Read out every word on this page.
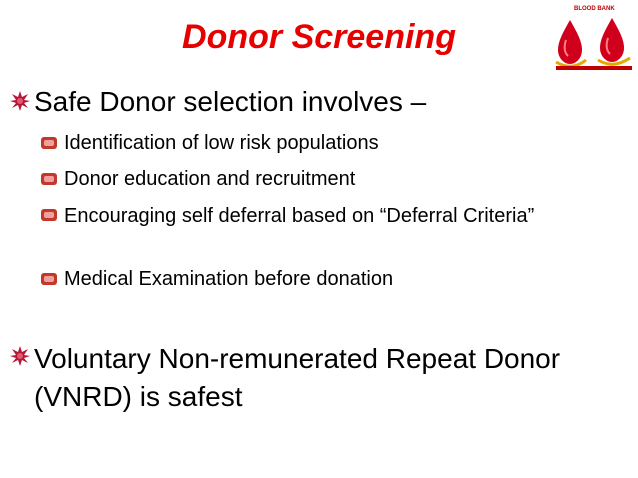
Donor Screening
BLOOD BANK
Safe Donor selection involves –
Identification of low risk populations
Donor education and recruitment
Encouraging self deferral based on “Deferral Criteria”
Medical Examination before donation
Voluntary Non-remunerated Repeat Donor (VNRD) is safest
